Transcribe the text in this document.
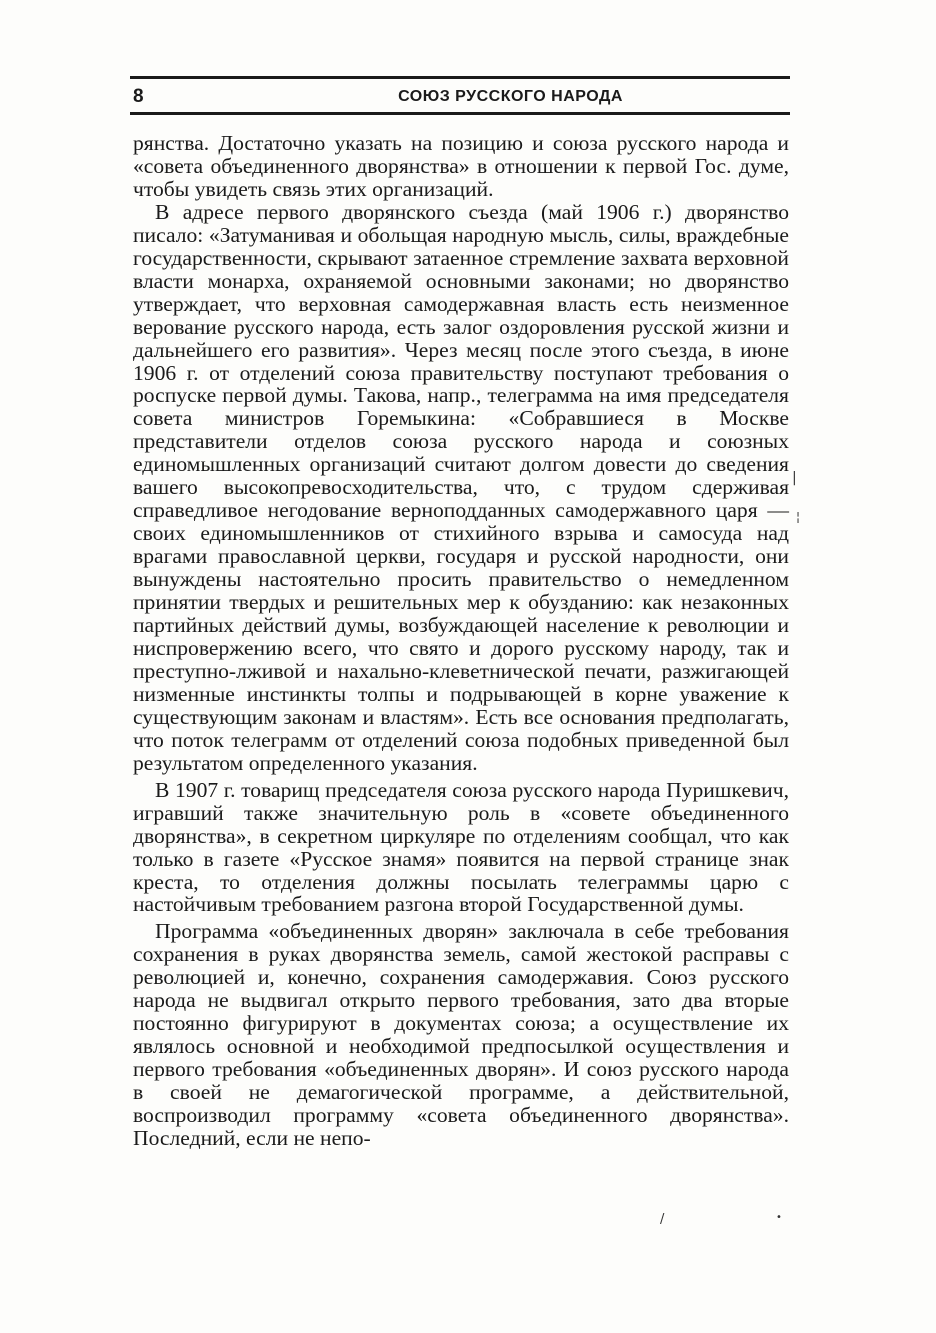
8	СОЮЗ РУССКОГО НАРОДА

рянства. Достаточно указать на позицию и союза русского народа и «совета объединенного дворянства» в отношении к первой Гос. думе, чтобы увидеть связь этих организаций.

В адресе первого дворянского съезда (май 1906 г.) дворянство писало: «Затуманивая и обольщая народную мысль, силы, враждебные государственности, скрывают затаенное стремление захвата верховной власти монарха, охраняемой основными законами; но дворянство утверждает, что верховная самодержавная власть есть неизменное верование русского народа, есть залог оздоровления русской жизни и дальнейшего его развития». Через месяц после этого съезда, в июне 1906 г. от отделений союза правительству поступают требования о роспуске первой думы. Такова, напр., телеграмма на имя председателя совета министров Горемыкина: «Собравшиеся в Москве представители отделов союза русского народа и союзных единомышленных организаций считают долгом довести до сведения вашего высокопревосходительства, что, с трудом сдерживая справедливое негодование верноподданных самодержавного царя — своих единомышленников от стихийного взрыва и самосуда над врагами православной церкви, государя и русской народности, они вынуждены настоятельно просить правительство о немедленном принятии твердых и решительных мер к обузданию: как незаконных партийных действий думы, возбуждающей население к революции и ниспровержению всего, что свято и дорого русскому народу, так и преступно-лживой и нахально-клеветнической печати, разжигающей низменные инстинкты толпы и подрывающей в корне уважение к существующим законам и властям». Есть все основания предполагать, что поток телеграмм от отделений союза подобных приведенной был результатом определенного указания.

В 1907 г. товарищ председателя союза русского народа Пуришкевич, игравший также значительную роль в «совете объединенного дворянства», в секретном циркуляре по отделениям сообщал, что как только в газете «Русское знамя» появится на первой странице знак креста, то отделения должны посылать телеграммы царю с настойчивым требованием разгона второй Государственной думы.

Программа «объединенных дворян» заключала в себе требования сохранения в руках дворянства земель, самой жестокой расправы с революцией и, конечно, сохранения самодержавия. Союз русского народа не выдвигал открыто первого требования, зато два вторые постоянно фигурируют в документах союза; а осуществление их являлось основной и необходимой предпосылкой осуществления и первого требования «объединенных дворян». И союз русского народа в своей не демагогической программе, а действительной, воспроизводил программу «совета объединенного дворянства». Последний, если не непо-

|
¦
/	•
